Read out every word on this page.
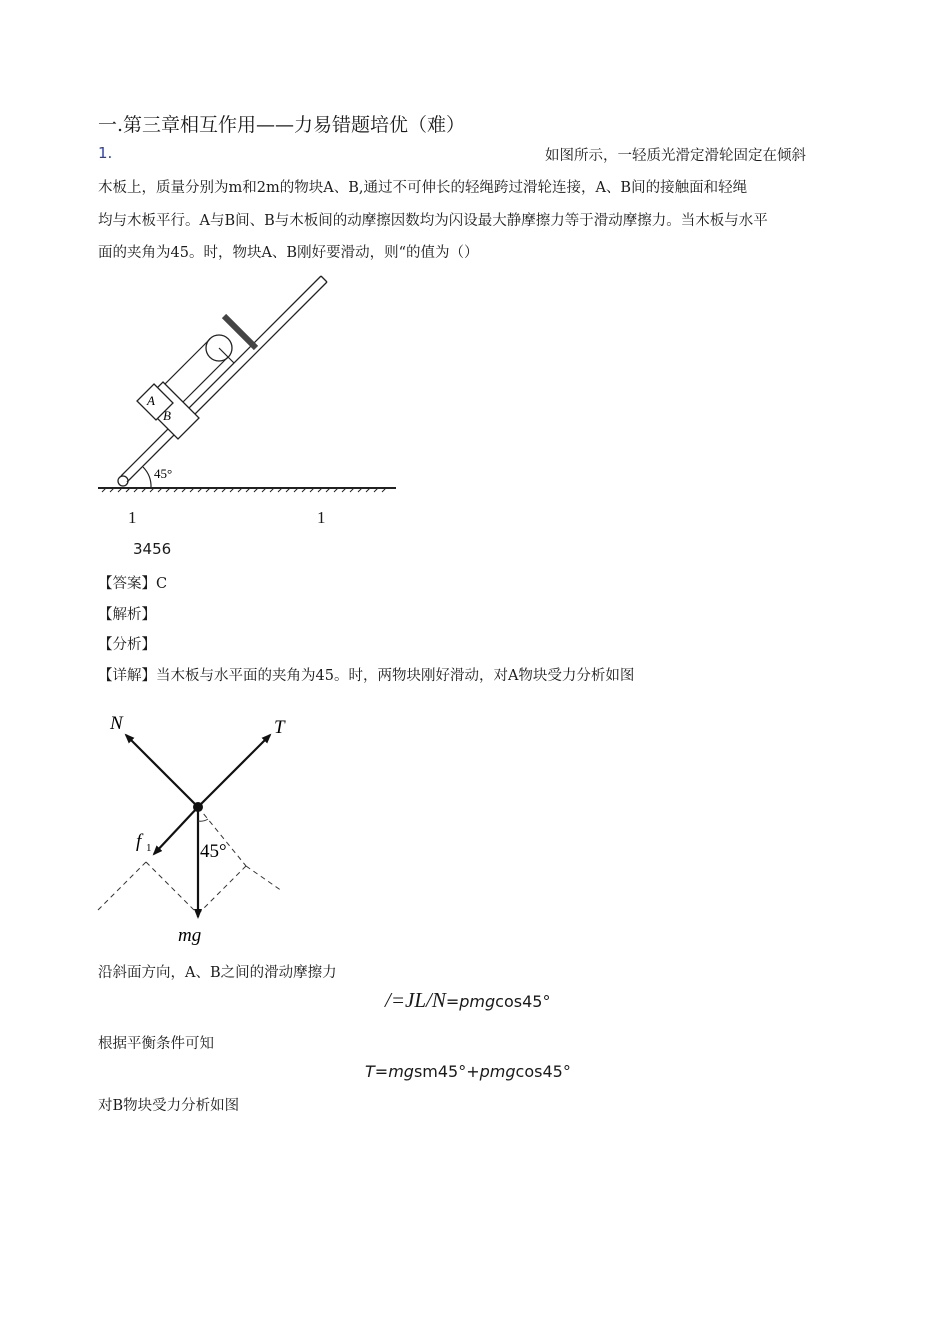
一.第三章相互作用——力易错题培优（难）
1.	如图所示，一轻质光滑定滑轮固定在倾斜
木板上，质量分别为m和2m的物块A、B,通过不可伸长的轻绳跨过滑轮连接，A、B间的接触面和轻绳
均与木板平行。A与B间、B与木板间的动摩擦因数均为闪设最大静摩擦力等于滑动摩擦力。当木板与水平
面的夹角为45。时，物块A、B刚好要滑动，则“的值为（）
A
B
45°
1	1
3456
【答案】C
【解析】
【分析】
【详解】当木板与水平面的夹角为45。时，两物块刚好滑动，对A物块受力分析如图
N	T
f 1	45°
mg
沿斜面方向，A、B之间的滑动摩擦力
/=JL/N=pmgcos45°
根据平衡条件可知
T=mgsm45°+pmgcos45°
对B物块受力分析如图
